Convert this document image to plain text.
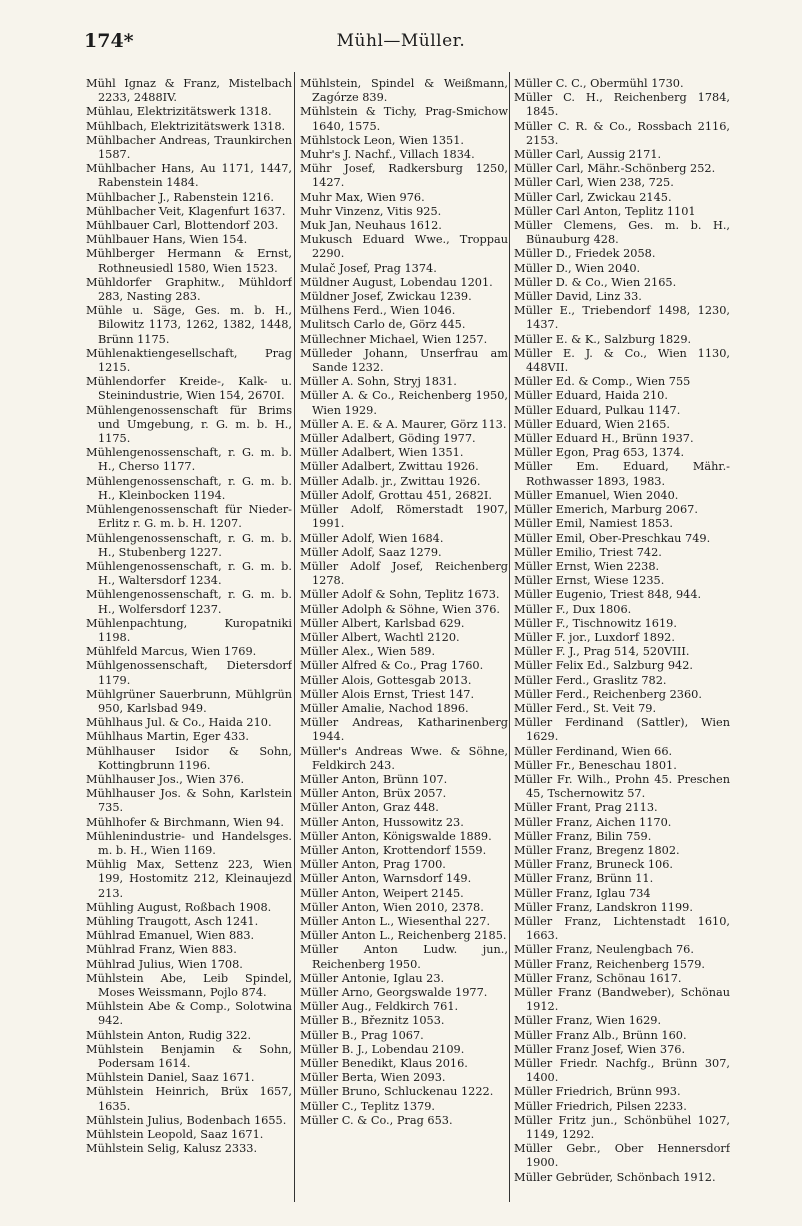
174*	Mühl—Müller.
Mühl Ignaz & Franz, Mistelbach 2233, 2488IV.
Mühlau, Elektrizitätswerk 1318.
Mühlbach, Elektrizitätswerk 1318.
Mühlbacher Andreas, Traunkirchen 1587.
Mühlbacher Hans, Au 1171, 1447, Rabenstein 1484.
Mühlbacher J., Rabenstein 1216.
Mühlbacher Veit, Klagenfurt 1637.
Mühlbauer Carl, Blottendorf 203.
Mühlbauer Hans, Wien 154.
Mühlberger Hermann & Ernst, Rothneusiedl 1580, Wien 1523.
Mühldorfer Graphitw., Mühldorf 283, Nasting 283.
Mühle u. Säge, Ges. m. b. H., Bilowitz 1173, 1262, 1382, 1448, Brünn 1175.
Mühlenaktiengesellschaft, Prag 1215.
Mühlendorfer Kreide-, Kalk- u. Steinindustrie, Wien 154, 2670I.
Mühlengenossenschaft für Brims und Umgebung, r. G. m. b. H., 1175.
Mühlengenossenschaft, r. G. m. b. H., Cherso 1177.
Mühlengenossenschaft, r. G. m. b. H., Kleinbocken 1194.
Mühlengenossenschaft für Nieder-Erlitz r. G. m. b. H. 1207.
Mühlengenossenschaft, r. G. m. b. H., Stubenberg 1227.
Mühlengenossenschaft, r. G. m. b. H., Waltersdorf 1234.
Mühlengenossenschaft, r. G. m. b. H., Wolfersdorf 1237.
Mühlenpachtung, Kuropatniki 1198.
Mühlfeld Marcus, Wien 1769.
Mühlgenossenschaft, Dietersdorf 1179.
Mühlgrüner Sauerbrunn, Mühlgrün 950, Karlsbad 949.
Mühlhaus Jul. & Co., Haida 210.
Mühlhaus Martin, Eger 433.
Mühlhauser Isidor & Sohn, Kottingbrunn 1196.
Mühlhauser Jos., Wien 376.
Mühlhauser Jos. & Sohn, Karlstein 735.
Mühlhofer & Birchmann, Wien 94.
Mühlenindustrie- und Handelsges. m. b. H., Wien 1169.
Mühlig Max, Settenz 223, Wien 199, Hostomitz 212, Kleinaujezd 213.
Mühling August, Roßbach 1908.
Mühling Traugott, Asch 1241.
Mühlrad Emanuel, Wien 883.
Mühlrad Franz, Wien 883.
Mühlrad Julius, Wien 1708.
Mühlstein Abe, Leib Spindel, Moses Weissmann, Pojlo 874.
Mühlstein Abe & Comp., Solotwina 942.
Mühlstein Anton, Rudig 322.
Mühlstein Benjamin & Sohn, Podersam 1614.
Mühlstein Daniel, Saaz 1671.
Mühlstein Heinrich, Brüx 1657, 1635.
Mühlstein Julius, Bodenbach 1655.
Mühlstein Leopold, Saaz 1671.
Mühlstein Selig, Kalusz 2333.
Mühlstein, Spindel & Weißmann, Zagórze 839.
Mühlstein & Tichy, Prag-Smichow 1640, 1575.
Mühlstock Leon, Wien 1351.
Muhr's J. Nachf., Villach 1834.
Mühr Josef, Radkersburg 1250, 1427.
Muhr Max, Wien 976.
Muhr Vinzenz, Vitis 925.
Muk Jan, Neuhaus 1612.
Mukusch Eduard Wwe., Troppau 2290.
Mulač Josef, Prag 1374.
Müldner August, Lobendau 1201.
Müldner Josef, Zwickau 1239.
Mülhens Ferd., Wien 1046.
Mulitsch Carlo de, Görz 445.
Müllechner Michael, Wien 1257.
Mülleder Johann, Unserfrau am Sande 1232.
Müller A. Sohn, Stryj 1831.
Müller A. & Co., Reichenberg 1950, Wien 1929.
Müller A. E. & A. Maurer, Görz 113.
Müller Adalbert, Göding 1977.
Müller Adalbert, Wien 1351.
Müller Adalbert, Zwittau 1926.
Müller Adalb. jr., Zwittau 1926.
Müller Adolf, Grottau 451, 2682I.
Müller Adolf, Römerstadt 1907, 1991.
Müller Adolf, Wien 1684.
Müller Adolf, Saaz 1279.
Müller Adolf Josef, Reichenberg 1278.
Müller Adolf & Sohn, Teplitz 1673.
Müller Adolph & Söhne, Wien 376.
Müller Albert, Karlsbad 629.
Müller Albert, Wachtl 2120.
Müller Alex., Wien 589.
Müller Alfred & Co., Prag 1760.
Müller Alois, Gottesgab 2013.
Müller Alois Ernst, Triest 147.
Müller Amalie, Nachod 1896.
Müller Andreas, Katharinenberg 1944.
Müller's Andreas Wwe. & Söhne, Feldkirch 243.
Müller Anton, Brünn 107.
Müller Anton, Brüx 2057.
Müller Anton, Graz 448.
Müller Anton, Hussowitz 23.
Müller Anton, Königswalde 1889.
Müller Anton, Krottendorf 1559.
Müller Anton, Prag 1700.
Müller Anton, Warnsdorf 149.
Müller Anton, Weipert 2145.
Müller Anton, Wien 2010, 2378.
Müller Anton L., Wiesenthal 227.
Müller Anton L., Reichenberg 2185.
Müller Anton Ludw. jun., Reichenberg 1950.
Müller Antonie, Iglau 23.
Müller Arno, Georgswalde 1977.
Müller Aug., Feldkirch 761.
Müller B., Březnitz 1053.
Müller B., Prag 1067.
Müller B. J., Lobendau 2109.
Müller Benedikt, Klaus 2016.
Müller Berta, Wien 2093.
Müller Bruno, Schluckenau 1222.
Müller C., Teplitz 1379.
Müller C. & Co., Prag 653.
Müller C. C., Obermühl 1730.
Müller C. H., Reichenberg 1784, 1845.
Müller C. R. & Co., Rossbach 2116, 2153.
Müller Carl, Aussig 2171.
Müller Carl, Mähr.-Schönberg 252.
Müller Carl, Wien 238, 725.
Müller Carl, Zwickau 2145.
Müller Carl Anton, Teplitz 1101
Müller Clemens, Ges. m. b. H., Bünauburg 428.
Müller D., Friedek 2058.
Müller D., Wien 2040.
Müller D. & Co., Wien 2165.
Müller David, Linz 33.
Müller E., Triebendorf 1498, 1230, 1437.
Müller E. & K., Salzburg 1829.
Müller E. J. & Co., Wien 1130, 448VII.
Müller Ed. & Comp., Wien 755
Müller Eduard, Haida 210.
Müller Eduard, Pulkau 1147.
Müller Eduard, Wien 2165.
Müller Eduard H., Brünn 1937.
Müller Egon, Prag 653, 1374.
Müller Em. Eduard, Mähr.-Rothwasser 1893, 1983.
Müller Emanuel, Wien 2040.
Müller Emerich, Marburg 2067.
Müller Emil, Namiest 1853.
Müller Emil, Ober-Preschkau 749.
Müller Emilio, Triest 742.
Müller Ernst, Wien 2238.
Müller Ernst, Wiese 1235.
Müller Eugenio, Triest 848, 944.
Müller F., Dux 1806.
Müller F., Tischnowitz 1619.
Müller F. jor., Luxdorf 1892.
Müller F. J., Prag 514, 520VIII.
Müller Felix Ed., Salzburg 942.
Müller Ferd., Graslitz 782.
Müller Ferd., Reichenberg 2360.
Müller Ferd., St. Veit 79.
Müller Ferdinand (Sattler), Wien 1629.
Müller Ferdinand, Wien 66.
Müller Fr., Beneschau 1801.
Müller Fr. Wilh., Prohn 45. Preschen 45, Tschernowitz 57.
Müller Frant, Prag 2113.
Müller Franz, Aichen 1170.
Müller Franz, Bilin 759.
Müller Franz, Bregenz 1802.
Müller Franz, Bruneck 106.
Müller Franz, Brünn 11.
Müller Franz, Iglau 734
Müller Franz, Landskron 1199.
Müller Franz, Lichtenstadt 1610, 1663.
Müller Franz, Neulengbach 76.
Müller Franz, Reichenberg 1579.
Müller Franz, Schönau 1617.
Müller Franz (Bandweber), Schönau 1912.
Müller Franz, Wien 1629.
Müller Franz Alb., Brünn 160.
Müller Franz Josef, Wien 376.
Müller Friedr. Nachfg., Brünn 307, 1400.
Müller Friedrich, Brünn 993.
Müller Friedrich, Pilsen 2233.
Müller Fritz jun., Schönbühel 1027, 1149, 1292.
Müller Gebr., Ober Hennersdorf 1900.
Müller Gebrüder, Schönbach 1912.
